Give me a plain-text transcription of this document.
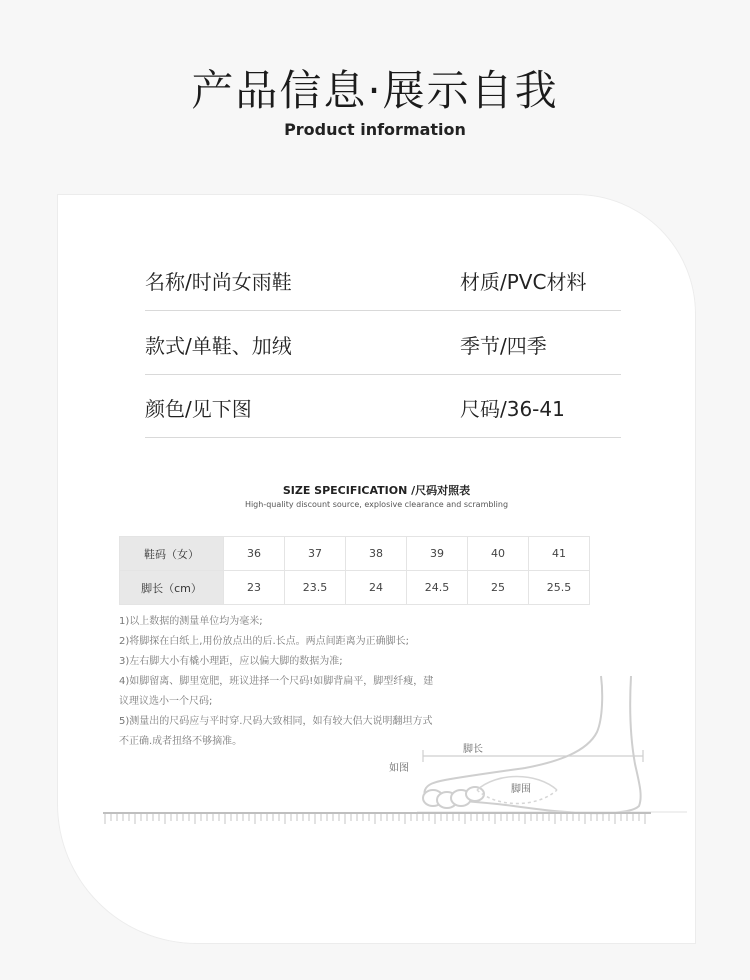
产品信息·展示自我
Product information
名称/时尚女雨鞋	材质/PVC材料
款式/单鞋、加绒	季节/四季
颜色/见下图	尺码/36-41
SIZE SPECIFICATION /尺码对照表
High-quality discount source, explosive clearance and scrambling
鞋码（女）	36	37	38	39	40	41
脚长（cm）	23	23.5	24	24.5	25	25.5
1)以上数据的测量单位均为毫米;
2)将脚探在白纸上,用份放点出的后.长点。两点间距离为正确脚长;
3)左右脚大小有橇小理距，应以偏大脚的数据为准;
4)如脚留离、脚里宽肥，班议进择一个尺码!如脚背扁平，脚型纤瘦，建
议理议选小一个尺码;
5)测量出的尺码应与平时穿.尺码大致相同，如有较大侣大说明翻坦方式
不正确.成者扭络不够摘准。
脚长
如图
脚围
